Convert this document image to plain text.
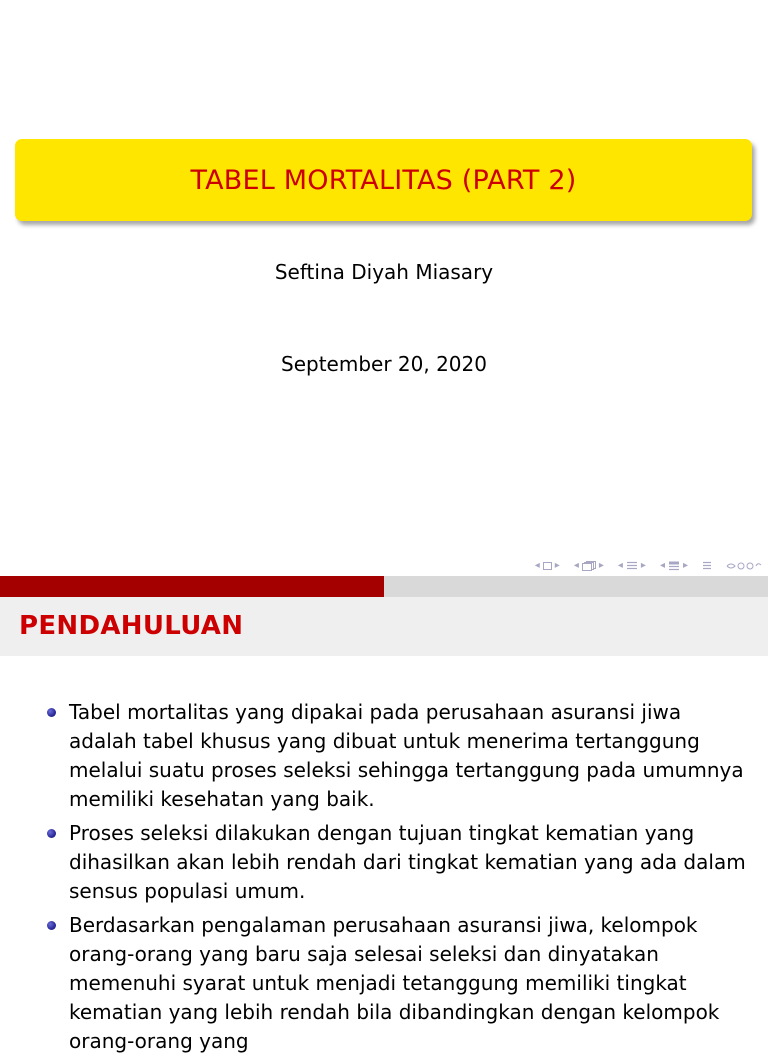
TABEL MORTALITAS (PART 2)
Seftina Diyah Miasary
September 20, 2020
◂ ▸ ◂ ▸ ◂ ▸ ◂ ▸
PENDAHULUAN
Tabel mortalitas yang dipakai pada perusahaan asuransi jiwa adalah tabel khusus yang dibuat untuk menerima tertanggung melalui suatu proses seleksi sehingga tertanggung pada umumnya memiliki kesehatan yang baik.
Proses seleksi dilakukan dengan tujuan tingkat kematian yang dihasilkan akan lebih rendah dari tingkat kematian yang ada dalam sensus populasi umum.
Berdasarkan pengalaman perusahaan asuransi jiwa, kelompok orang-orang yang baru saja selesai seleksi dan dinyatakan memenuhi syarat untuk menjadi tetanggung memiliki tingkat kematian yang lebih rendah bila dibandingkan dengan kelompok orang-orang yang
